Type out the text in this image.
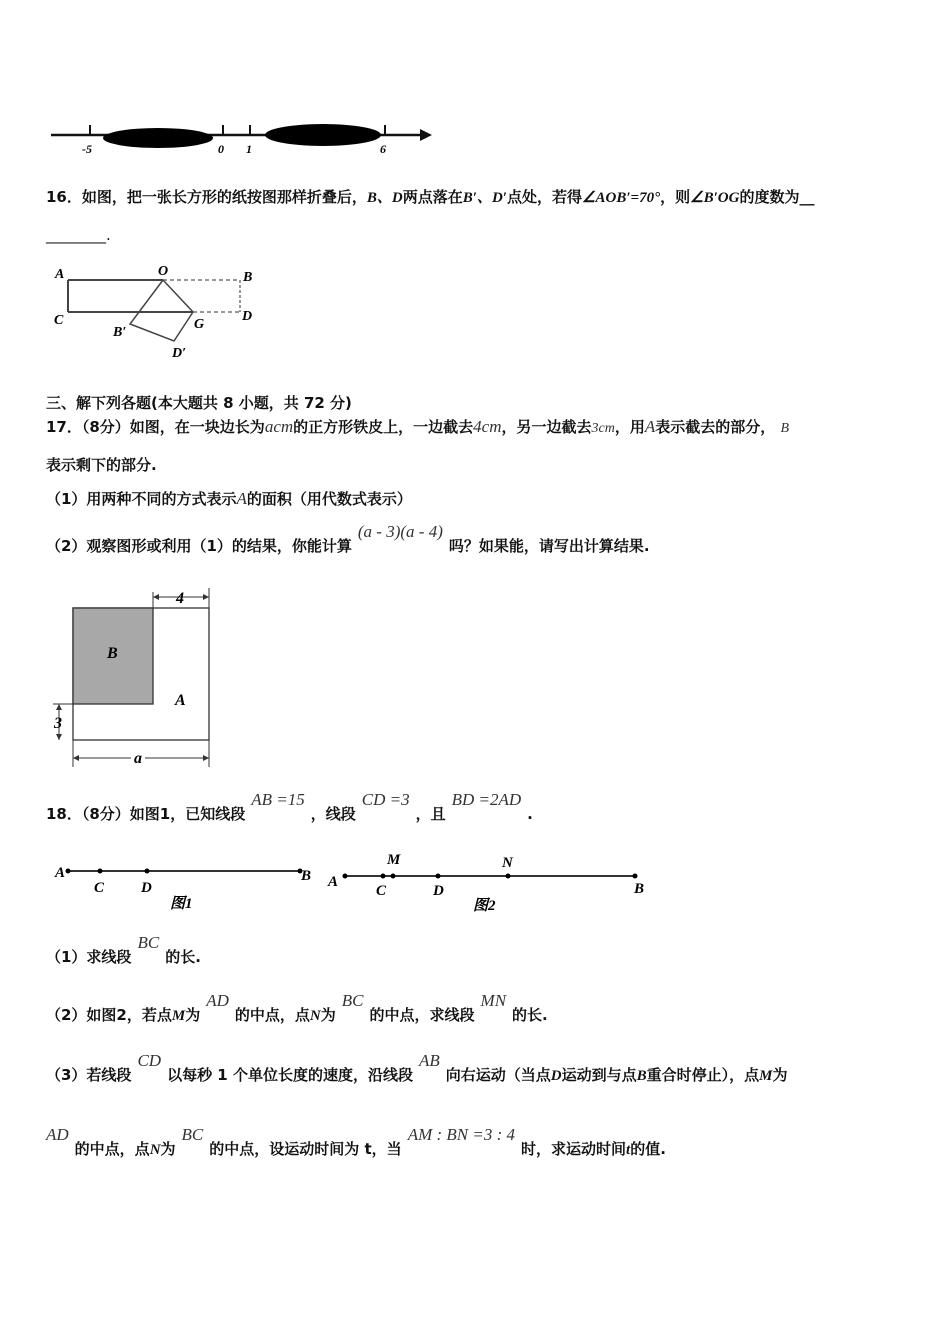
-5	0 1	6
16．如图，把一张长方形的纸按图那样折叠后，B、D两点落在B′、D′点处，若得∠AOB′=70°，则∠B′OG的度数为__
________.
A	O	B
C	G
D
B′
D′
三、解下列各题(本大题共 8 小题，共 72 分)
17．（8分）如图，在一块边长为acm的正方形铁皮上，一边截去4cm，另一边截去3cm，用A表示截去的部分， B
表示剩下的部分.
（1）用两种不同的方式表示A的面积（用代数式表示）
（2）观察图形或利用（1）的结果，你能计算(a - 3)(a - 4)吗？如果能，请写出计算结果.
4
3
a
B
A
18．（8分）如图1，已知线段AB =15，线段CD =3，且BD =2AD.
A
C D
B
图1
A
C
M
D
N
B
图2
（1）求线段BC的长.
（2）如图2，若点M为AD的中点，点N为BC的中点，求线段MN的长.
（3）若线段CD以每秒 1 个单位长度的速度，沿线段AB向右运动（当点D运动到与点B重合时停止），点M为
AD的中点，点N为BC的中点，设运动时间为 t，当AM : BN =3 : 4时，求运动时间t的值.
